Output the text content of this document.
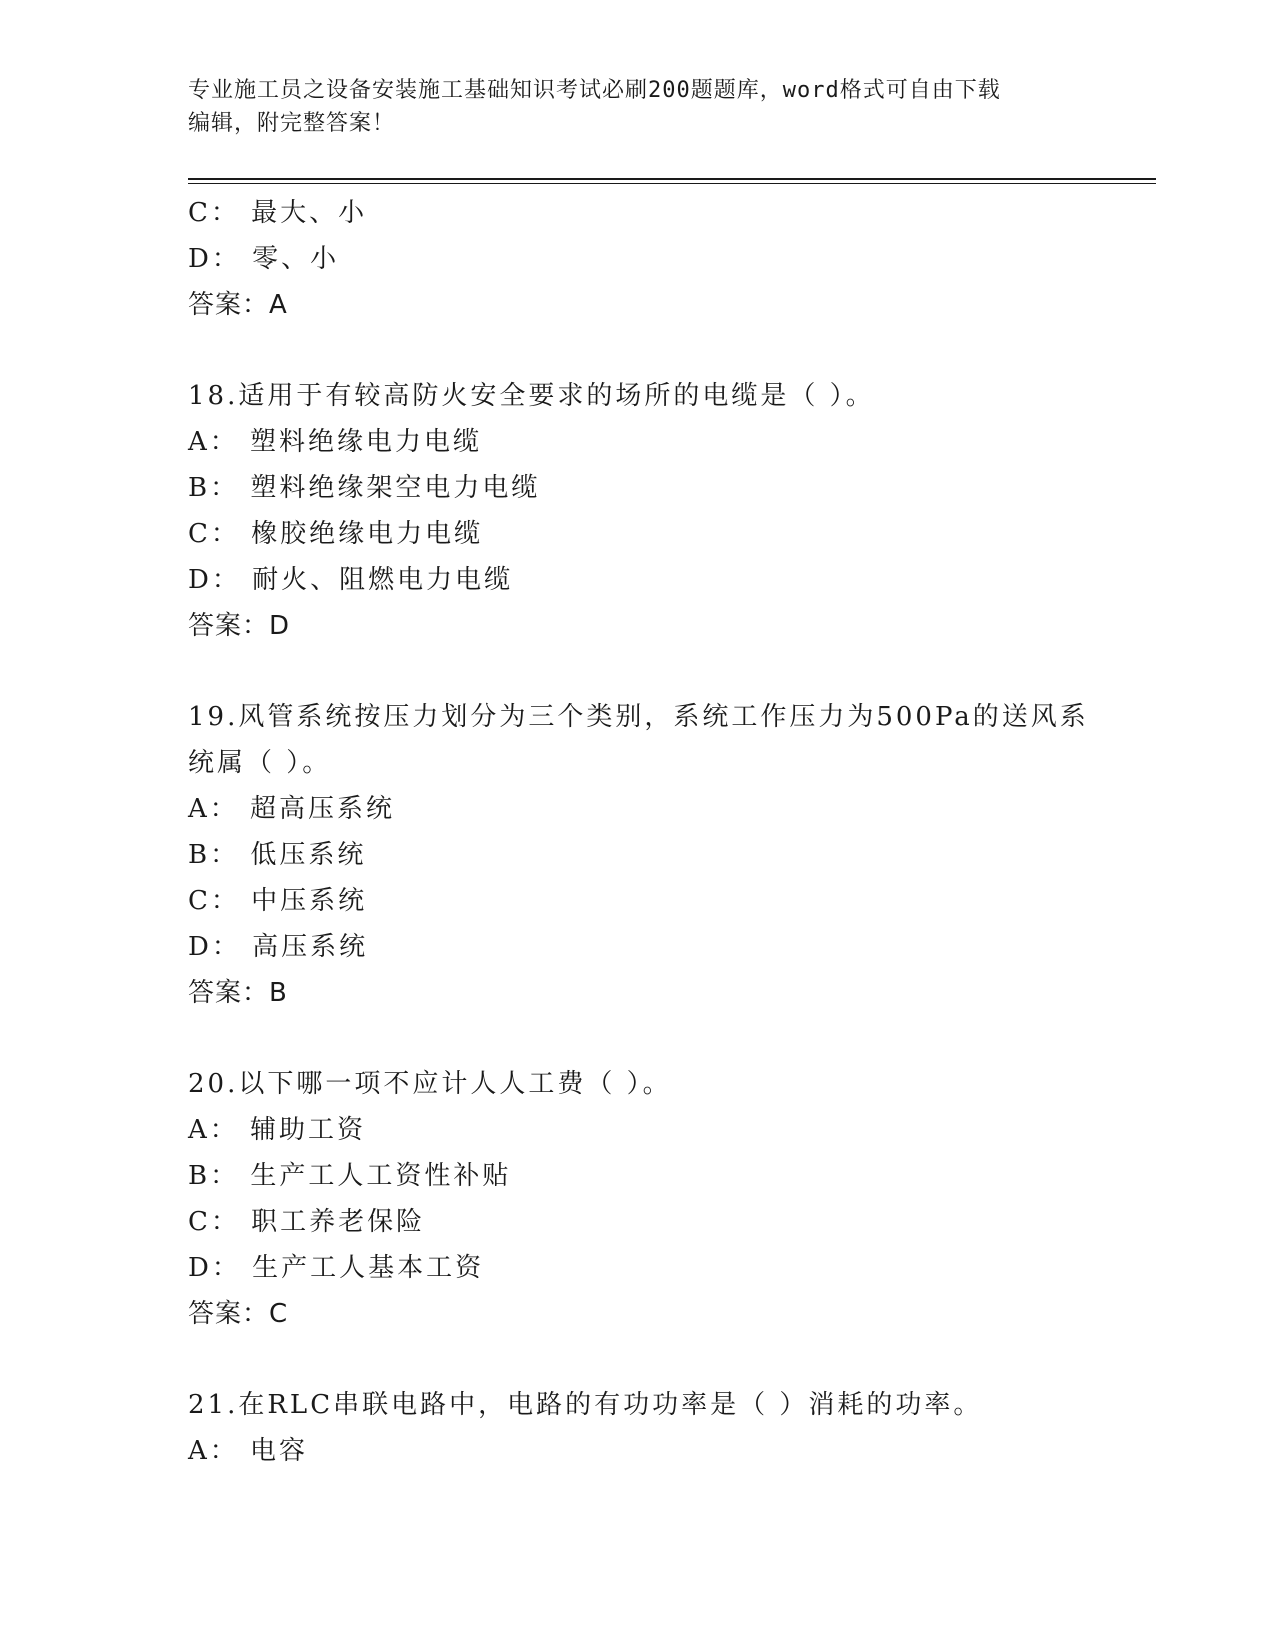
专业施工员之设备安装施工基础知识考试必刷200题题库，word格式可自由下载
编辑，附完整答案！
C： 最大、小
D： 零、小
答案：A
18.适用于有较高防火安全要求的场所的电缆是（ ）。
A： 塑料绝缘电力电缆
B： 塑料绝缘架空电力电缆
C： 橡胶绝缘电力电缆
D： 耐火、阻燃电力电缆
答案：D
19.风管系统按压力划分为三个类别，系统工作压力为500Pa的送风系
统属（ ）。
A： 超高压系统
B： 低压系统
C： 中压系统
D： 高压系统
答案：B
20.以下哪一项不应计人人工费（ ）。
A： 辅助工资
B： 生产工人工资性补贴
C： 职工养老保险
D： 生产工人基本工资
答案：C
21.在RLC串联电路中，电路的有功功率是（ ）消耗的功率。
A： 电容
